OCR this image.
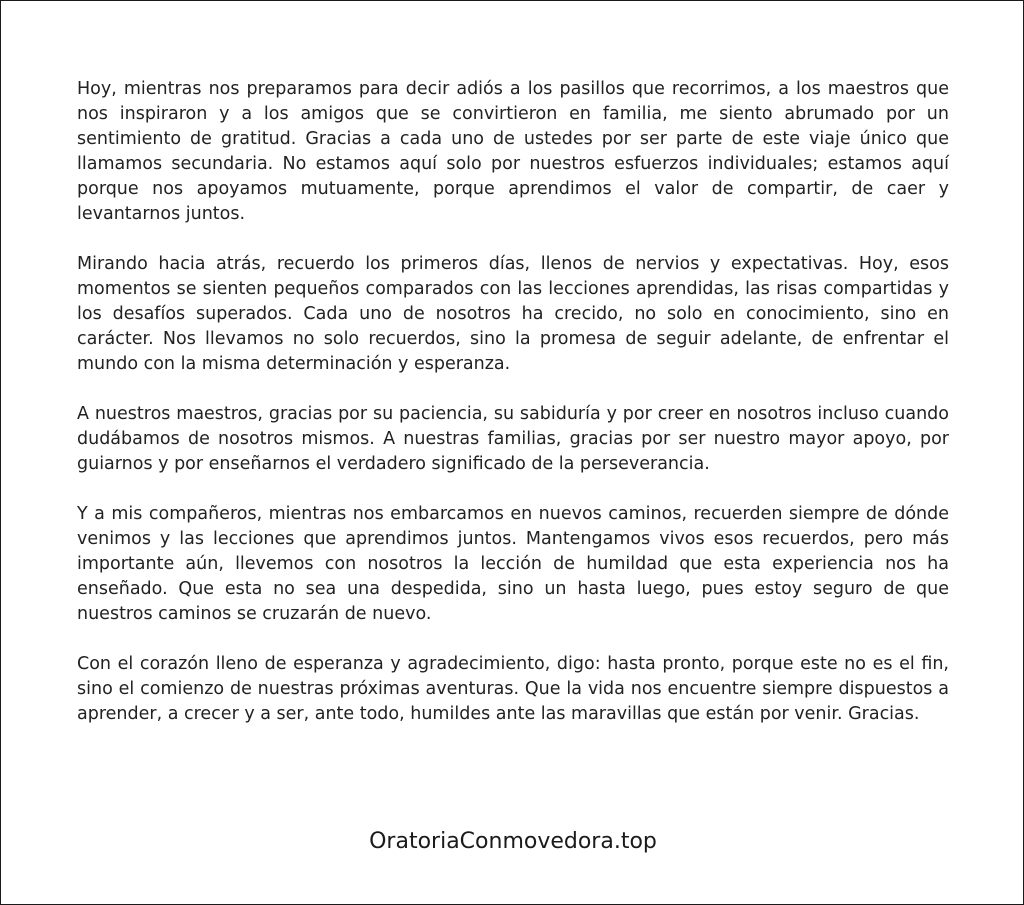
Hoy, mientras nos preparamos para decir adiós a los pasillos que recorrimos, a los maestros que nos inspiraron y a los amigos que se convirtieron en familia, me siento abrumado por un sentimiento de gratitud. Gracias a cada uno de ustedes por ser parte de este viaje único que llamamos secundaria. No estamos aquí solo por nuestros esfuerzos individuales; estamos aquí porque nos apoyamos mutuamente, porque aprendimos el valor de compartir, de caer y levantarnos juntos.

Mirando hacia atrás, recuerdo los primeros días, llenos de nervios y expectativas. Hoy, esos momentos se sienten pequeños comparados con las lecciones aprendidas, las risas compartidas y los desafíos superados. Cada uno de nosotros ha crecido, no solo en conocimiento, sino en carácter. Nos llevamos no solo recuerdos, sino la promesa de seguir adelante, de enfrentar el mundo con la misma determinación y esperanza.

A nuestros maestros, gracias por su paciencia, su sabiduría y por creer en nosotros incluso cuando dudábamos de nosotros mismos. A nuestras familias, gracias por ser nuestro mayor apoyo, por guiarnos y por enseñarnos el verdadero significado de la perseverancia.

Y a mis compañeros, mientras nos embarcamos en nuevos caminos, recuerden siempre de dónde venimos y las lecciones que aprendimos juntos. Mantengamos vivos esos recuerdos, pero más importante aún, llevemos con nosotros la lección de humildad que esta experiencia nos ha enseñado. Que esta no sea una despedida, sino un hasta luego, pues estoy seguro de que nuestros caminos se cruzarán de nuevo.

Con el corazón lleno de esperanza y agradecimiento, digo: hasta pronto, porque este no es el fin, sino el comienzo de nuestras próximas aventuras. Que la vida nos encuentre siempre dispuestos a aprender, a crecer y a ser, ante todo, humildes ante las maravillas que están por venir. Gracias.

OratoriaConmovedora.top
